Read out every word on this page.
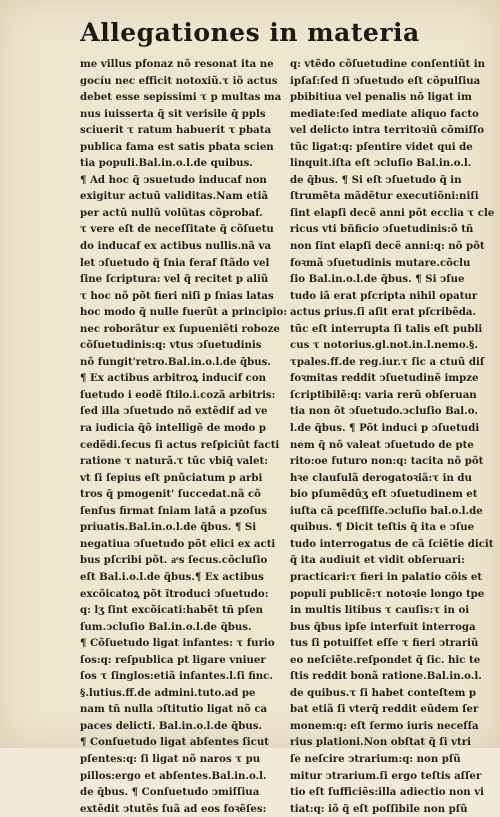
Allegationes in materia
me villus pfonaz nõ resonat ita ne
gocíu nec efficit notoxiũ.τ iõ actus
debet esse sepissimi τ p multas ma
nus iuisserta q̃ sit verisile q̃ ppls
sciuerit τ ratum habuerit τ pbata
publica fama est satis pbata scien
tia populi.Bal.in.o.l.de quibus.
¶ Ad hoc q̃ ↄsuetudo inducaf non
exigitur actuũ validitas.Nam etiã
per actũ nullũ volũtas cõprobaf.
τ vere eſt de neceſſitate q̃ cõſuetu
do inducaf ex actibus nullis.nã va
let ↄſuetudo q̃ ſnia feraf ſtãdo vel
ſine ſcriptura: vel q̃ recitet p aliũ
τ hoc nõ põt fieri niſi p ſnias latas
hoc modo q̃ nulle fuerũt a principio:
nec roborãtur ex ſupueniẽti roboze
cõſuetudinis:q: vtus ↄſuetudinis
nõ fungit'retro.Bal.in.o.l.de q̃bus.
¶ Ex actibus arbitroꝝ inducif con
ſuetudo i eodẽ ſtilo.i.cozã arbitris:
ſed illa ↄſuetudo nõ extẽdif ad ve
ra iudicia q̃õ intelligẽ de modo p
cedẽdi.ſecus ſi actus reſpiciũt facti
ratione τ naturã.τ tũc vbiq̃ valet:
vt ſi ſepius eſt pnũciatum p arbi
tros q̃ pmogenit' ſuccedat.nã cõ
ſenſus firmat ſniam latã a pzoſus
priuatis.Bal.in.o.l.de q̃bus. ¶ Si
negatiua ↄſuetudo põt elici ex acti
bus pſcribi põt. aͤs ſecus.cõcluſio
eſt Bal.i.o.l.de q̃bus.¶ Ex actibus
excõicatoꝝ põt ĩtroduci ↄſuetudo:
q: lʒ ſint excõicati:habẽt tñ pſen
ſum.ↄcluſio Bal.in.o.l.de q̃bus.
¶ Cõſuetudo ligat infantes: τ furio
ſos:q: reſpublica pt ligare vniuer
ſos τ ſinglos:etiã infantes.l.ſi finc.
§.lutius.ff.de admini.tuto.ad pe
nam tñ nulla ↄſtitutio ligat nõ ca
paces delicti. Bal.in.o.l.de q̃bus.
¶ Conſuetudo ligat abſentes ſicut
pſentes:q: ſi ligat nõ naros τ pu
pillos:ergo et abſentes.Bal.in.o.l.
de q̃bus. ¶ Conſuetudo ↄmiſſiua
extẽdit ↄtutẽs ſuã ad eos foꝛẽſes:
q: vtẽdo cõſuetudine conſentiũt in
ipſaſ:ſed ſi ↄſuetudo eſt cõpulſiua
pbibitiua vel penalis nõ ligat im
mediate:ſed mediate aliquo facto
vel delicto intra territoꝛiũ cõmiſſo
tũc ligat:q: pſentire videt qui de
linquit.iſta eſt ↄcluſio Bal.in.o.l.
de q̃bus. ¶ Si eſt ↄſuetudo q̃ in
ſtrumẽta mãdẽtur executiõni:niſi
ſint elapſi decẽ anni põt ecclia τ cle
ricus vti bñficio ↄſuetudinis:õ tñ
non ſint elapſi decẽ anni:q: nõ põt
foꝛmã ↄſuetudinis mutare.cõclu
ſio Bal.in.o.l.de q̃bus. ¶ Si ↄſue
tudo iã erat pſcripta nihil opatur
actus ꝑrius.ſi aſit erat pſcribẽda.
tũc eſt interrupta ſi talis eſt publi
cus τ notorius.gl.not.in.l.nemo.§.
τpales.ff.de reg.iur.τ ſic a ctuũ diſ
foꝛmitas reddit ↄſuetudinẽ impze
ſcriptibilẽ:q: varia rerũ obſeruan
tia non õt ↄſuetudo.ↄcluſio Bal.o.
l.de q̃bus. ¶ Põt induci p ↄſuetudi
nem q̃ nõ valeat ↄſuetudo de pte
rito:oe futuro non:q: tacita nõ põt
hꝛe clauſulã derogatoꝛiã:τ in du
bio pſumẽdũʒ eſt ↄſuetudinem et
iuſta cã pceſſiſſe.ↄcluſio bal.o.l.de
quibus. ¶ Dicit teſtis q̃ ita e ↄſue
tudo interrogatus de cã ſciẽtie dicit
q̃ ita audiuit et vidit obſeruari:
practicari:τ fieri in palatio cõis et
populi publicẽ:τ notoꝛie longo tpe
in multis litibus τ cauſis:τ in oi
bus q̃bus ipſe interfuit interroga
tus ſi potuiſſet eſſe τ fieri ↄtrariũ
eo neſciẽte.reſpondet q̃ ſic. hic te
ſtis reddit bonã ratione.Bal.in.o.l.
de quibus.τ ſi habet conteſtem p
bat etiã ſi vterq̃ reddit eũdem ſer
monem:q: eſt ſermo iuris neceſſa
rius plationi.Non obſtat q̃ ſi vtri
ſe neſcire ↄtrarium:q: non pſũ
mitur ↄtrarium.ſi ergo teſtis aſſer
tio eſt ſufficiẽs:illa adiectio non vi
tiat:q: iõ q̃ eſt poſſibile non pſũ
